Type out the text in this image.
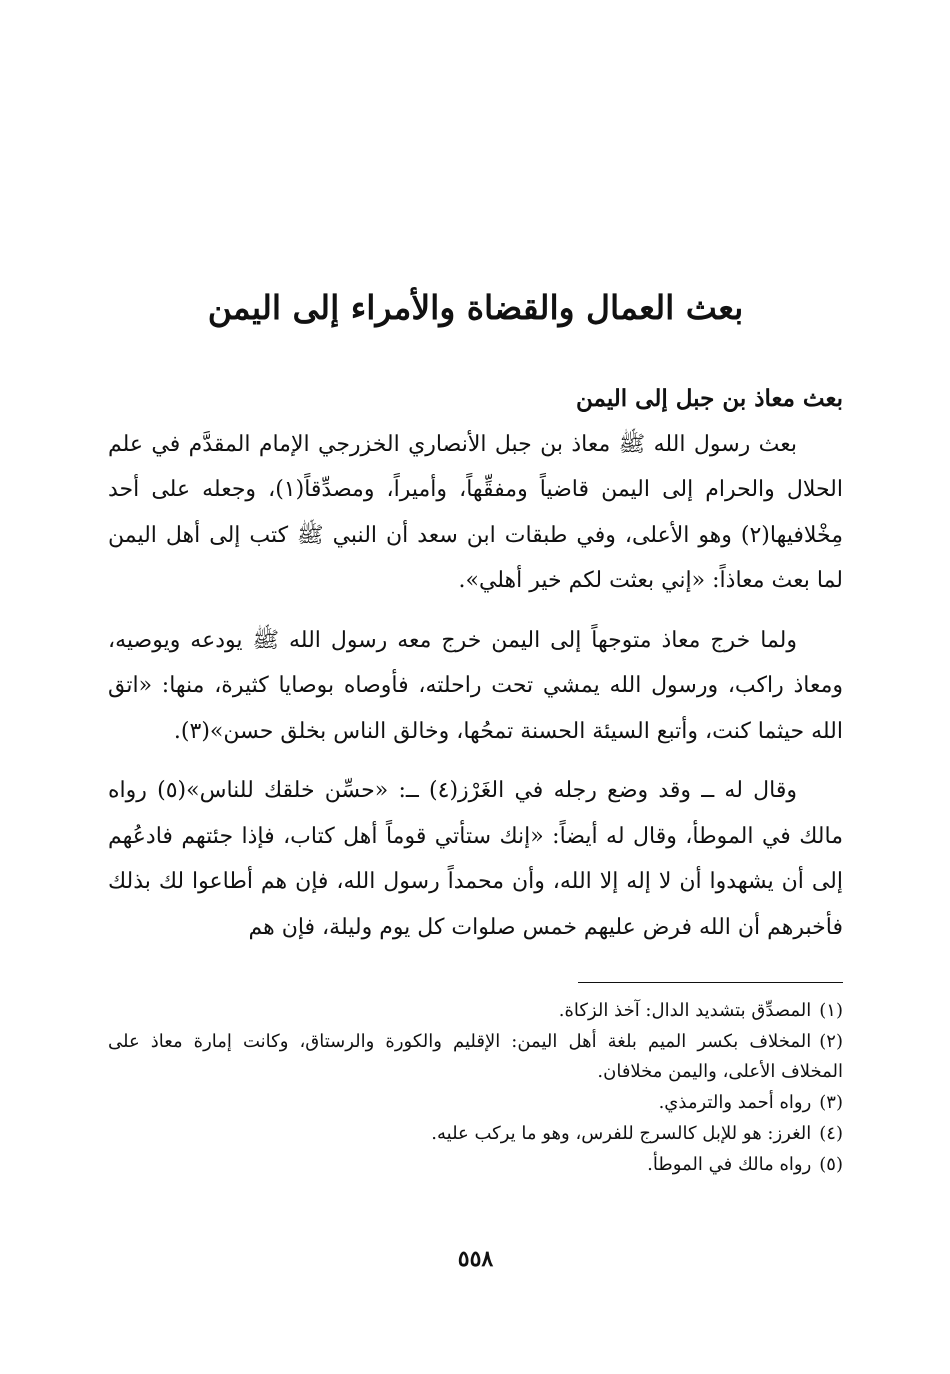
بعث العمال والقضاة والأمراء إلى اليمن

بعث معاذ بن جبل إلى اليمن

بعث رسول الله ﷺ معاذ بن جبل الأنصاري الخزرجي الإمام المقدَّم في علم الحلال والحرام إلى اليمن قاضياً ومفقِّهاً، وأميراً، ومصدِّقاً(١)، وجعله على أحد مِخْلافيها(٢) وهو الأعلى، وفي طبقات ابن سعد أن النبي ﷺ كتب إلى أهل اليمن لما بعث معاذاً: «إني بعثت لكم خير أهلي».

ولما خرج معاذ متوجهاً إلى اليمن خرج معه رسول الله ﷺ يودعه ويوصيه، ومعاذ راكب، ورسول الله يمشي تحت راحلته، فأوصاه بوصايا كثيرة، منها: «اتق الله حيثما كنت، وأتبع السيئة الحسنة تمحُها، وخالق الناس بخلق حسن»(٣).

وقال له ــ وقد وضع رجله في الغَرْز(٤) ــ: «حسِّن خلقك للناس»(٥) رواه مالك في الموطأ، وقال له أيضاً: «إنك ستأتي قوماً أهل كتاب، فإذا جئتهم فادعُهم إلى أن يشهدوا أن لا إله إلا الله، وأن محمداً رسول الله، فإن هم أطاعوا لك بذلك فأخبرهم أن الله فرض عليهم خمس صلوات كل يوم وليلة، فإن هم

(١)المصدِّق بتشديد الدال: آخذ الزكاة.
(٢)المخلاف بكسر الميم بلغة أهل اليمن: الإقليم والكورة والرستاق، وكانت إمارة معاذ على المخلاف الأعلى، واليمن مخلافان.
(٣)رواه أحمد والترمذي.
(٤)الغرز: هو للإبل كالسرج للفرس، وهو ما يركب عليه.
(٥)رواه مالك في الموطأ.
٥٥٨
